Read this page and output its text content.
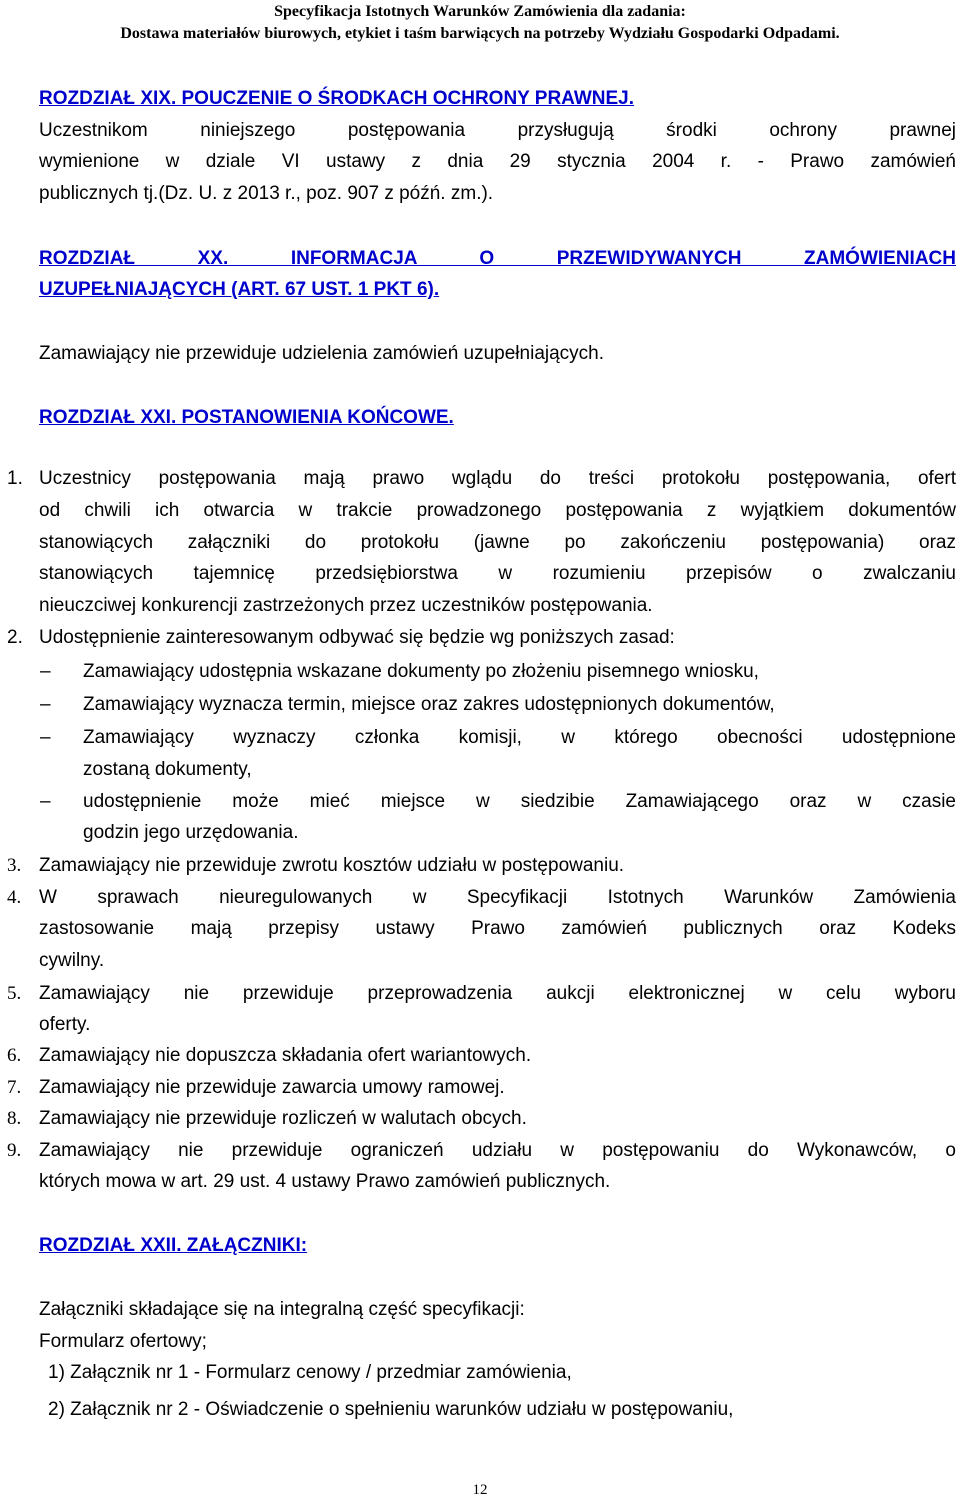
Specyfikacja Istotnych Warunków Zamówienia dla zadania:
Dostawa materiałów biurowych, etykiet i taśm barwiących na potrzeby Wydziału Gospodarki Odpadami.
ROZDZIAŁ XIX. POUCZENIE O ŚRODKACH OCHRONY PRAWNEJ.
Uczestnikom niniejszego postępowania przysługują środki ochrony prawnej
wymienione w dziale VI ustawy z dnia 29 stycznia 2004 r. - Prawo zamówień
publicznych tj.(Dz. U. z 2013 r., poz. 907 z późń. zm.).
ROZDZIAŁ XX. INFORMACJA O PRZEWIDYWANYCH ZAMÓWIENIACH
UZUPEŁNIAJĄCYCH (ART. 67 UST. 1 PKT 6).
Zamawiający nie przewiduje udzielenia zamówień uzupełniających.
ROZDZIAŁ XXI. POSTANOWIENIA KOŃCOWE.
1. Uczestnicy postępowania mają prawo wglądu do treści protokołu postępowania, ofert
od chwili ich otwarcia w trakcie prowadzonego postępowania z wyjątkiem dokumentów
stanowiących załączniki do protokołu (jawne po zakończeniu postępowania) oraz
stanowiących tajemnicę przedsiębiorstwa w rozumieniu przepisów o zwalczaniu
nieuczciwej konkurencji zastrzeżonych przez uczestników postępowania.
2. Udostępnienie zainteresowanym odbywać się będzie wg poniższych zasad:
– Zamawiający udostępnia wskazane dokumenty po złożeniu pisemnego wniosku,
– Zamawiający wyznacza termin, miejsce oraz zakres udostępnionych dokumentów,
– Zamawiający wyznaczy członka komisji, w którego obecności udostępnione
zostaną dokumenty,
– udostępnienie może mieć miejsce w siedzibie Zamawiającego oraz w czasie
godzin jego urzędowania.
3. Zamawiający nie przewiduje zwrotu kosztów udziału w postępowaniu.
4. W sprawach nieuregulowanych w Specyfikacji Istotnych Warunków Zamówienia
zastosowanie mają przepisy ustawy Prawo zamówień publicznych oraz Kodeks
cywilny.
5. Zamawiający nie przewiduje przeprowadzenia aukcji elektronicznej w celu wyboru
oferty.
6. Zamawiający nie dopuszcza składania ofert wariantowych.
7. Zamawiający nie przewiduje zawarcia umowy ramowej.
8. Zamawiający nie przewiduje rozliczeń w walutach obcych.
9. Zamawiający nie przewiduje ograniczeń udziału w postępowaniu do Wykonawców, o
których mowa w art. 29 ust. 4 ustawy Prawo zamówień publicznych.
ROZDZIAŁ XXII. ZAŁĄCZNIKI:
Załączniki składające się na integralną część specyfikacji:
Formularz ofertowy;
1) Załącznik nr 1 - Formularz cenowy / przedmiar zamówienia,
2) Załącznik nr 2 - Oświadczenie o spełnieniu warunków udziału w postępowaniu,
12
